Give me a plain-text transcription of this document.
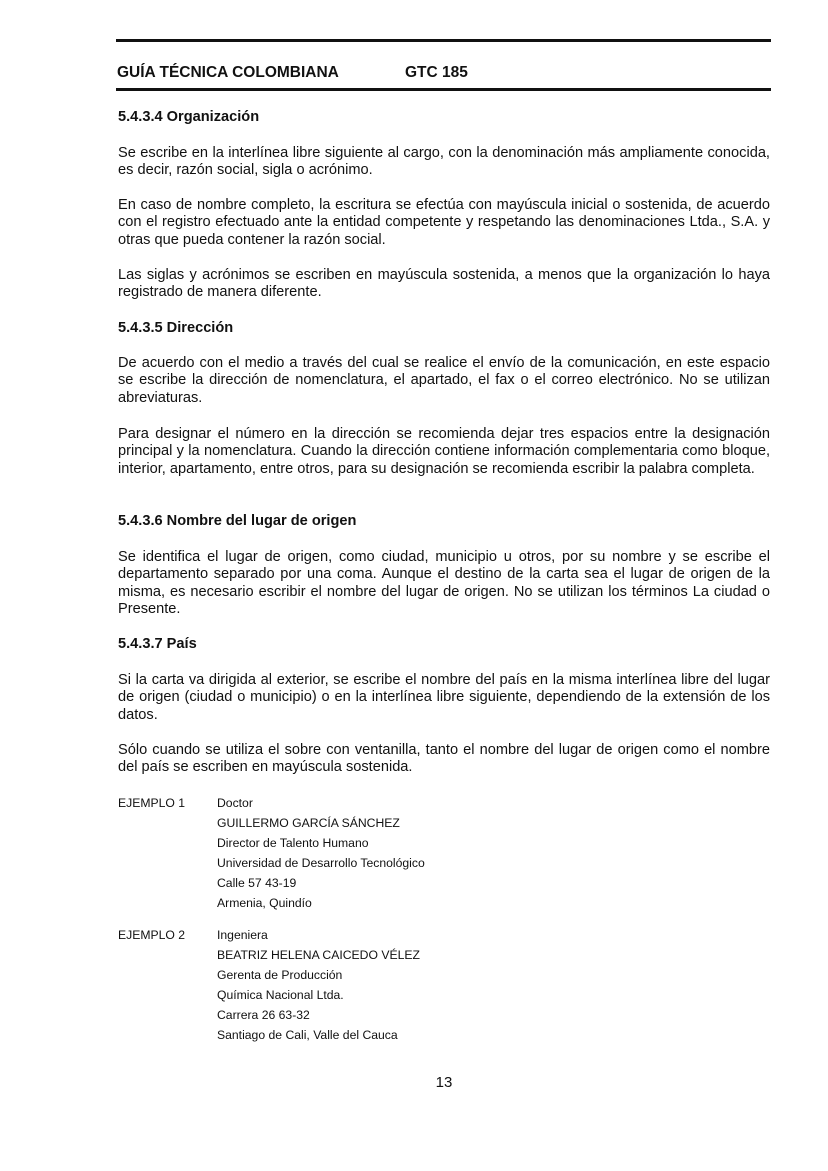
GUÍA TÉCNICA COLOMBIANA	GTC 185

5.4.3.4 Organización

Se escribe en la interlínea libre siguiente al cargo, con la denominación más ampliamente conocida, es decir, razón social, sigla o acrónimo.

En caso de nombre completo, la escritura se efectúa con mayúscula inicial o sostenida, de acuerdo con el registro efectuado ante la entidad competente y respetando las denominaciones Ltda., S.A. y otras que pueda contener la razón social.

Las siglas y acrónimos se escriben en mayúscula sostenida, a menos que la organización lo haya registrado de manera diferente.

5.4.3.5 Dirección

De acuerdo con el medio a través del cual se realice el envío de la comunicación, en este espacio se escribe la dirección de nomenclatura, el apartado, el fax o el correo electrónico. No se utilizan abreviaturas.

Para designar el número en la dirección se recomienda dejar tres espacios entre la designación principal y la nomenclatura. Cuando la dirección contiene información complementaria como bloque, interior, apartamento, entre otros, para su designación se recomienda escribir la palabra completa.

5.4.3.6 Nombre del lugar de origen

Se identifica el lugar de origen, como ciudad, municipio u otros, por su nombre y se escribe el departamento separado por una coma. Aunque el destino de la carta sea el lugar de origen de la misma, es necesario escribir el nombre del lugar de origen. No se utilizan los términos La ciudad o Presente.

5.4.3.7 País

Si la carta va dirigida al exterior, se escribe el nombre del país en la misma interlínea libre del lugar de origen (ciudad o municipio) o en la interlínea libre siguiente, dependiendo de la extensión de los datos.

Sólo cuando se utiliza el sobre con ventanilla, tanto el nombre del lugar de origen como el nombre del país se escriben en mayúscula sostenida.

EJEMPLO 1	Doctor
GUILLERMO GARCÍA SÁNCHEZ
Director de Talento Humano
Universidad de Desarrollo Tecnológico
Calle 57 43-19
Armenia, Quindío
EJEMPLO 2	Ingeniera
BEATRIZ HELENA CAICEDO VÉLEZ
Gerenta de Producción
Química Nacional Ltda.
Carrera 26 63-32
Santiago de Cali, Valle del Cauca
13
